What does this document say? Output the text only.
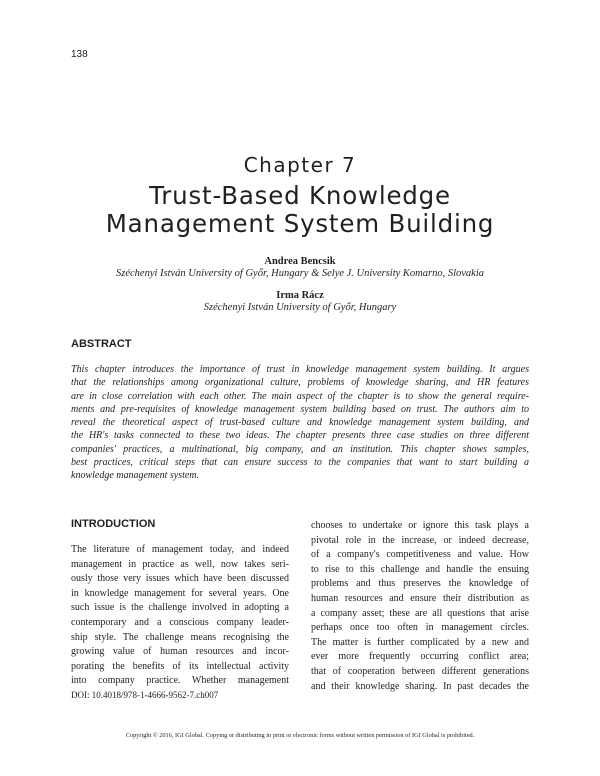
138
Chapter 7
Trust-Based Knowledge
Management System Building
Andrea Bencsik
Széchenyi István University of Győr, Hungary & Selye J. University Komarno, Slovakia
Irma Rácz
Széchenyi István University of Győr, Hungary
ABSTRACT
This chapter introduces the importance of trust in knowledge management system building. It argues
that the relationships among organizational culture, problems of knowledge sharing, and HR features
are in close correlation with each other. The main aspect of the chapter is to show the general require-
ments and pre-requisites of knowledge management system building based on trust. The authors aim to
reveal the theoretical aspect of trust-based culture and knowledge management system building, and
the HR's tasks connected to these two ideas. The chapter presents three case studies on three different
companies' practices, a multinational, big company, and an institution. This chapter shows samples,
best practices, critical steps that can ensure success to the companies that want to start building a
knowledge management system.
INTRODUCTION
The literature of management today, and indeed
management in practice as well, now takes seri-
ously those very issues which have been discussed
in knowledge management for several years. One
such issue is the challenge involved in adopting a
contemporary and a conscious company leader-
ship style. The challenge means recognising the
growing value of human resources and incor-
porating the benefits of its intellectual activity
into company practice. Whether management
chooses to undertake or ignore this task plays a
pivotal role in the increase, or indeed decrease,
of a company's competitiveness and value. How
to rise to this challenge and handle the ensuing
problems and thus preserves the knowledge of
human resources and ensure their distribution as
a company asset; these are all questions that arise
perhaps once too often in management circles.
The matter is further complicated by a new and
ever more frequently occurring conflict area;
that of cooperation between different generations
and their knowledge sharing. In past decades the
DOI: 10.4018/978-1-4666-9562-7.ch007
Copyright © 2016, IGI Global. Copying or distributing in print or electronic forms without written permission of IGI Global is prohibited.
